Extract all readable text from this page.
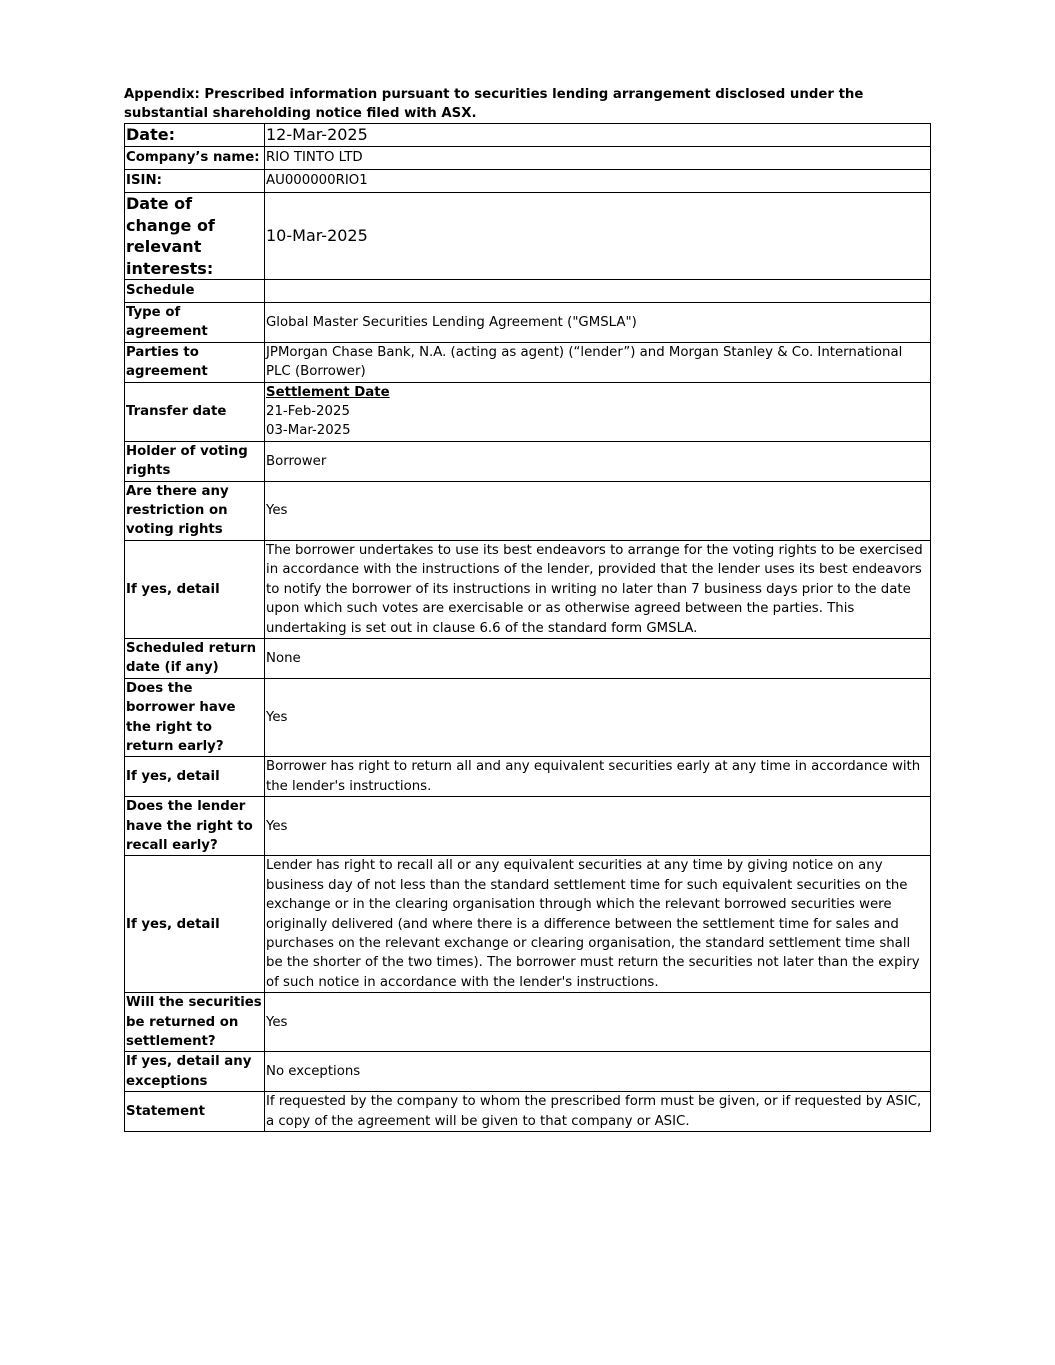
Appendix: Prescribed information pursuant to securities lending arrangement disclosed under the substantial shareholding notice filed with ASX.
Date:	12-Mar-2025
Company’s name:	RIO TINTO LTD
ISIN:	AU000000RIO1
Date of change of relevant interests:	10-Mar-2025
Schedule	
Type of agreement	Global Master Securities Lending Agreement ("GMSLA")
Parties to agreement	JPMorgan Chase Bank, N.A. (acting as agent) (“lender”) and Morgan Stanley & Co. International PLC (Borrower)
Transfer date	Settlement Date
21-Feb-2025
03-Mar-2025

Holder of voting rights	Borrower
Are there any restriction on voting rights	Yes
If yes, detail	The borrower undertakes to use its best endeavors to arrange for the voting rights to be exercised in accordance with the instructions of the lender, provided that the lender uses its best endeavors to notify the borrower of its instructions in writing no later than 7 business days prior to the date upon which such votes are exercisable or as otherwise agreed between the parties. This undertaking is set out in clause 6.6 of the standard form GMSLA.
Scheduled return date (if any)	None
Does the borrower have the right to return early?	Yes
If yes, detail	Borrower has right to return all and any equivalent securities early at any time in accordance with the lender's instructions.
Does the lender have the right to recall early?	Yes
If yes, detail	Lender has right to recall all or any equivalent securities at any time by giving notice on any business day of not less than the standard settlement time for such equivalent securities on the exchange or in the clearing organisation through which the relevant borrowed securities were originally delivered (and where there is a difference between the settlement time for sales and purchases on the relevant exchange or clearing organisation, the standard settlement time shall be the shorter of the two times). The borrower must return the securities not later than the expiry of such notice in accordance with the lender's instructions.
Will the securities be returned on settlement?	Yes
If yes, detail any exceptions	No exceptions
Statement	If requested by the company to whom the prescribed form must be given, or if requested by ASIC, a copy of the agreement will be given to that company or ASIC.
